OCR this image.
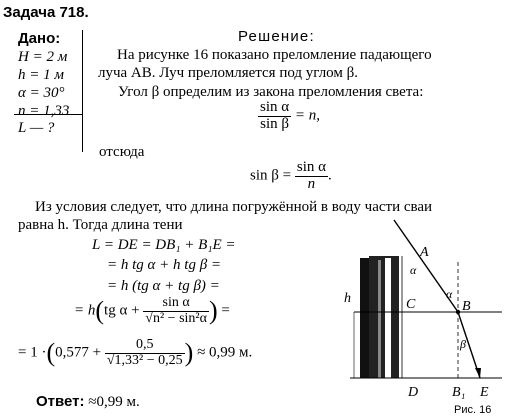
Задача 718.
Дано:
H = 2 м
h = 1 м
α = 30°
n = 1,33
L — ?
Решение:
На рисунке 16 показано преломление падающего
луча AB. Луч преломляется под углом β.
Угол β определим из закона преломления света:
$\frac{\text{sin α}}{\text{sin β}} = n$,
отсюда
$\sin \beta = \frac{\text{sin α}}{n}$ .
Из условия следует, что длина погружённой в воду части сваи
равна h. Тогда длина тени
L = DE = DB₁ + B₁E =
= h tg α + h tg β =
= h (tg α + tg β) =
= h(tg $\alpha + \frac{\text{sin α}}{\text{√n² − sin²α}}$ ) =
= $1 \cdot(0,577 + \frac{0,5}{\text{√1,33² − 0,25}}$ ) ≈ 0,99 м.
Ответ: ≈0,99 м.
A
α
α
h	C	B
β
D B₁ E
Рис. 16
